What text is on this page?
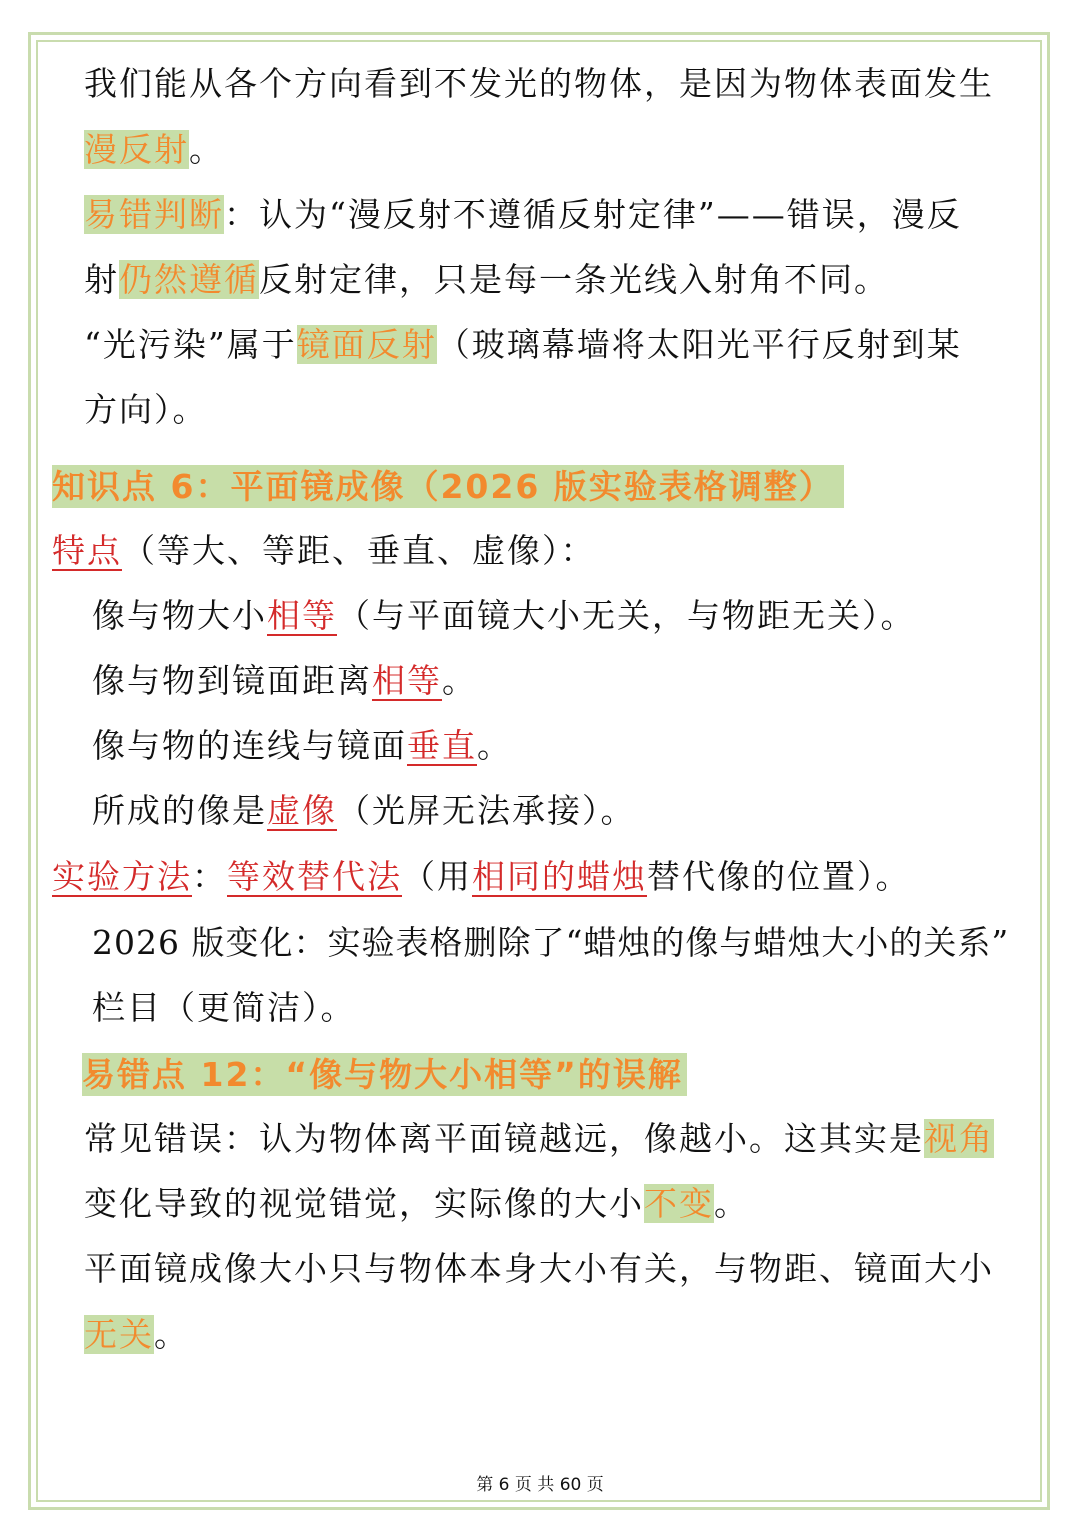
我们能从各个方向看到不发光的物体，是因为物体表面发生
漫反射。
易错判断：认为“漫反射不遵循反射定律”——错误，漫反
射仍然遵循反射定律，只是每一条光线入射角不同。
“光污染”属于镜面反射（玻璃幕墙将太阳光平行反射到某
方向）。
知识点 6：平面镜成像（2026 版实验表格调整）
特点（等大、等距、垂直、虚像）：
像与物大小相等（与平面镜大小无关，与物距无关）。
像与物到镜面距离相等。
像与物的连线与镜面垂直。
所成的像是虚像（光屏无法承接）。
实验方法：等效替代法（用相同的蜡烛替代像的位置）。
2026 版变化：实验表格删除了“蜡烛的像与蜡烛大小的关系”
栏目（更简洁）。
易错点 12：“像与物大小相等”的误解
常见错误：认为物体离平面镜越远，像越小。这其实是视角
变化导致的视觉错觉，实际像的大小不变。
平面镜成像大小只与物体本身大小有关，与物距、镜面大小
无关。
第 6 页 共 60 页
